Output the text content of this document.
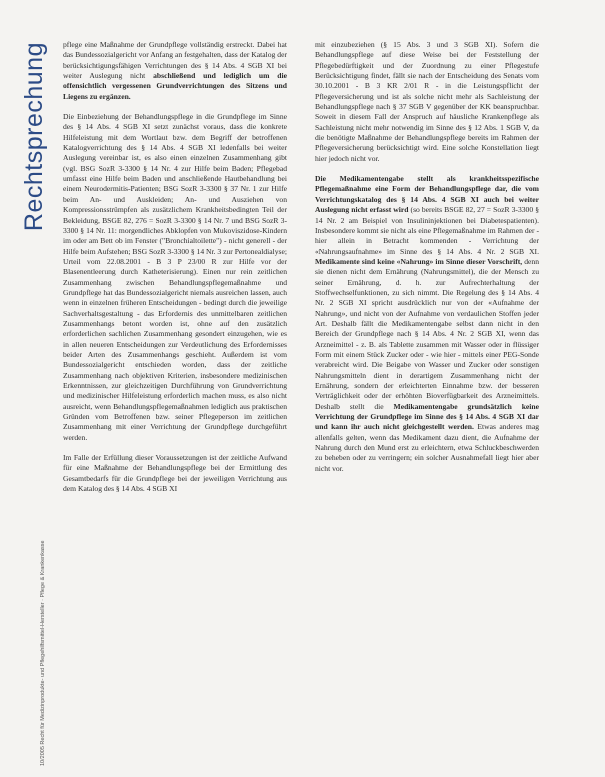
Rechtsprechung
10/2005 Recht für Medizinprodukte- und Pflegehilfsmittel-Hersteller · Pflege & Krankenkasse

pflege eine Maßnahme der Grundpflege vollständig erstreckt. Dabei hat das Bundessozialgericht vor Anfang an festgehalten, dass der Katalog der berücksichtigungsfähigen Verrichtungen des § 14 Abs. 4 SGB XI bei weiter Auslegung nicht abschließend und lediglich um die offensichtlich vergessenen Grundverrichtungen des Sitzens und Liegens zu ergänzen.

Die Einbeziehung der Behandlungspflege in die Grundpflege im Sinne des § 14 Abs. 4 SGB XI setzt zunächst voraus, dass die konkrete Hilfeleistung mit dem Wortlaut bzw. dem Begriff der betroffenen Katalogverrichtung des § 14 Abs. 4 SGB XI ledenfalls bei weiter Auslegung vereinbar ist, es also einen einzelnen Zusammenhang gibt (vgl. BSG SozR 3-3300 § 14 Nr. 4 zur Hilfe beim Baden; Pflegebad umfasst eine Hilfe beim Baden und anschließende Hautbehandlung bei einem Neurodermitis-Patienten; BSG SozR 3-3300 § 37 Nr. 1 zur Hilfe beim An- und Auskleiden; An- und Ausziehen von Kompressionsstrümpfen als zusätzlichem Krankheitsbedingten Teil der Bekleidung, BSGE 82, 276 = SozR 3-3300 § 14 Nr. 7 und BSG SozR 3-3300 § 14 Nr. 11: morgendliches Abklopfen von Mukoviszidose-Kindern im oder am Bett ob im Fenster ("Bronchialtoilette") - nicht generell - der Hilfe beim Aufstehen; BSG SozR 3-3300 § 14 Nr. 3 zur Pertonealdialyse; Urteil vom 22.08.2001 - B 3 P 23/00 R zur Hilfe vor der Blasenentleerung durch Katheterisierung). Einen nur rein zeitlichen Zusammenhang zwischen Behandlungspflegemaßnahme und Grundpflege hat das Bundessozialgericht niemals ausreichen lassen, auch wenn in einzelnen früheren Entscheidungen - bedingt durch die jeweilige Sachverhaltsgestaltung - das Erfordernis des unmittelbaren zeitlichen Zusammenhangs betont worden ist, ohne auf den zusätzlich erforderlichen sachlichen Zusammenhang gesondert einzugehen, wie es in allen neueren Entscheidungen zur Verdeutlichung des Erfordernisses beider Arten des Zusammenhangs geschieht. Außerdem ist vom Bundessozialgericht entschieden worden, dass der zeitliche Zusammenhang nach objektiven Kriterien, insbesondere medizinischen Erkenntnissen, zur gleichzeitigen Durchführung von Grundverrichtung und medizinischer Hilfeleistung erforderlich machen muss, es also nicht ausreicht, wenn Behandlungspflegemaßnahmen lediglich aus praktischen Gründen vom Betroffenen bzw. seiner Pflegeperson im zeitlichen Zusammenhang mit einer Verrichtung der Grundpflege durchgeführt werden.

Im Falle der Erfüllung dieser Voraussetzungen ist der zeitliche Aufwand für eine Maßnahme der Behandlungspflege bei der Ermittlung des Gesamtbedarfs für die Grundpflege bei der jeweiligen Verrichtung aus dem Katalog des § 14 Abs. 4 SGB XI

mit einzubeziehen (§ 15 Abs. 3 und 3 SGB XI). Sofern die Behandlungspflege auf diese Weise bei der Feststellung der Pflegebedürftigkeit und der Zuordnung zu einer Pflegestufe Berücksichtigung findet, fällt sie nach der Entscheidung des Senats vom 30.10.2001 - B 3 KR 2/01 R - in die Leistungspflicht der Pflegeversicherung und ist als solche nicht mehr als Sachleistung der Behandlungspflege nach § 37 SGB V gegenüber der KK beanspruchbar. Soweit in diesem Fall der Anspruch auf häusliche Krankenpflege als Sachleistung nicht mehr notwendig im Sinne des § 12 Abs. 1 SGB V, da die benötigte Maßnahme der Behandlungspflege bereits im Rahmen der Pflegeversicherung berücksichtigt wird. Eine solche Konstellation liegt hier jedoch nicht vor.

Die Medikamentengabe stellt als krankheitsspezifische Pflegemaßnahme eine Form der Behandlungspflege dar, die vom Verrichtungskatalog des § 14 Abs. 4 SGB XI auch bei weiter Auslegung nicht erfasst wird (so bereits BSGE 82, 27 = SozR 3-3300 § 14 Nr. 2 am Beispiel von Insulininjektionen bei Diabetespatienten). Insbesondere kommt sie nicht als eine Pflegemaßnahme im Rahmen der - hier allein in Betracht kommenden - Verrichtung der «Nahrungsaufnahme» im Sinne des § 14 Abs. 4 Nr. 2 SGB XI. Medikamente sind keine «Nahrung» im Sinne dieser Vorschrift, denn sie dienen nicht dem Ernährung (Nahrungsmittel), die der Mensch zu seiner Ernährung, d. h. zur Aufrechterhaltung der Stoffwechselfunktionen, zu sich nimmt. Die Regelung des § 14 Abs. 4 Nr. 2 SGB XI spricht ausdrücklich nur von der «Aufnahme der Nahrung», und nicht von der Aufnahme von verdaulichen Stoffen jeder Art. Deshalb fällt die Medikamentengabe selbst dann nicht in den Bereich der Grundpflege nach § 14 Abs. 4 Nr. 2 SGB XI, wenn das Arzneimittel - z. B. als Tablette zusammen mit Wasser oder in flüssiger Form mit einem Stück Zucker oder - wie hier - mittels einer PEG-Sonde verabreicht wird. Die Beigabe von Wasser und Zucker oder sonstigen Nahrungsmitteln dient in derartigem Zusammenhang nicht der Ernährung, sondern der erleichterten Einnahme bzw. der besseren Verträglichkeit oder der erhöhten Bioverfügbarkeit des Arzneimittels. Deshalb stellt die Medikamentengabe grundsätzlich keine Verrichtung der Grundpflege im Sinne des § 14 Abs. 4 SGB XI dar und kann ihr auch nicht gleichgestellt werden. Etwas anderes mag allenfalls gelten, wenn das Medikament dazu dient, die Aufnahme der Nahrung durch den Mund erst zu erleichtern, etwa Schluckbeschwerden zu beheben oder zu verringern; ein solcher Ausnahmefall liegt hier aber nicht vor.
